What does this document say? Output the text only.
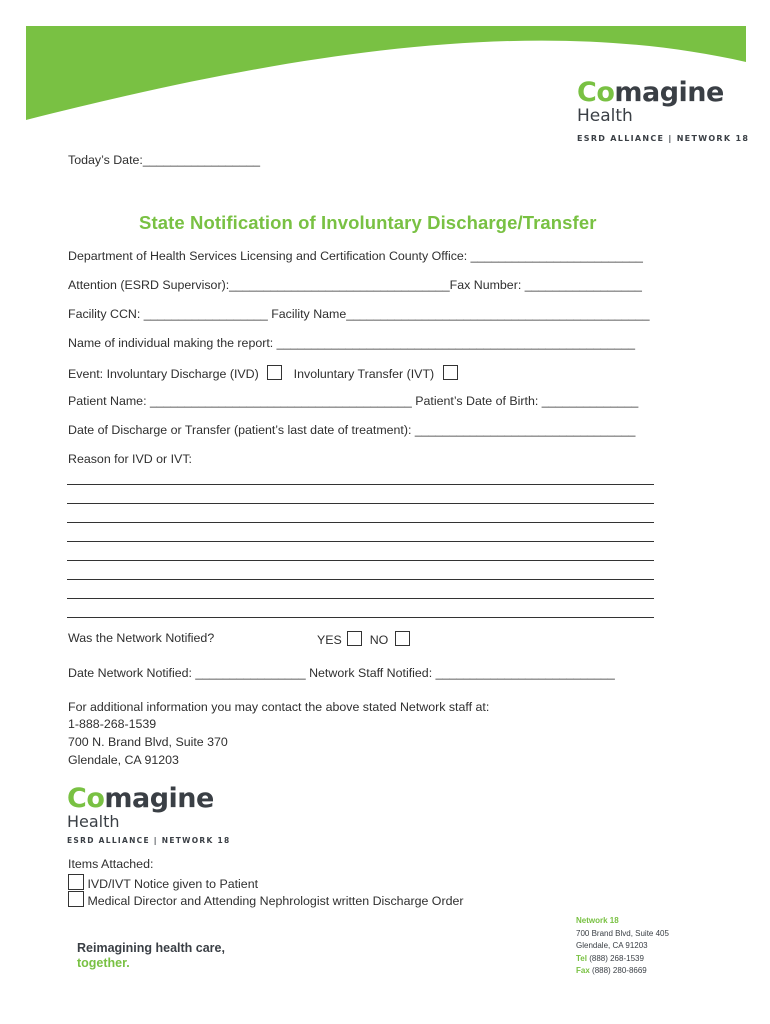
Comagine
Health
ESRD ALLIANCE | NETWORK 18
Today’s Date:_________________
State Notification of Involuntary Discharge/Transfer
Department of Health Services Licensing and Certification County Office: _________________________
Attention (ESRD Supervisor):________________________________Fax Number: _________________
Facility CCN: __________________ Facility Name____________________________________________
Name of individual making the report: ____________________________________________________
Event: Involuntary Discharge (IVD)	Involuntary Transfer (IVT)
Patient Name: ______________________________________ Patient’s Date of Birth: ______________
Date of Discharge or Transfer (patient’s last date of treatment): ________________________________
Reason for IVD or IVT:
Was the Network Notified?	YES NO
Date Network Notified: ________________ Network Staff Notified: __________________________
For additional information you may contact the above stated Network staff at:
1-888-268-1539
700 N. Brand Blvd, Suite 370
Glendale, CA 91203
Comagine
Health
ESRD ALLIANCE | NETWORK 18
Items Attached:
IVD/IVT Notice given to Patient
Medical Director and Attending Nephrologist written Discharge Order
Reimagining health care,
together.
Network 18
700 Brand Blvd, Suite 405
Glendale, CA 91203
Tel (888) 268-1539
Fax (888) 280-8669
